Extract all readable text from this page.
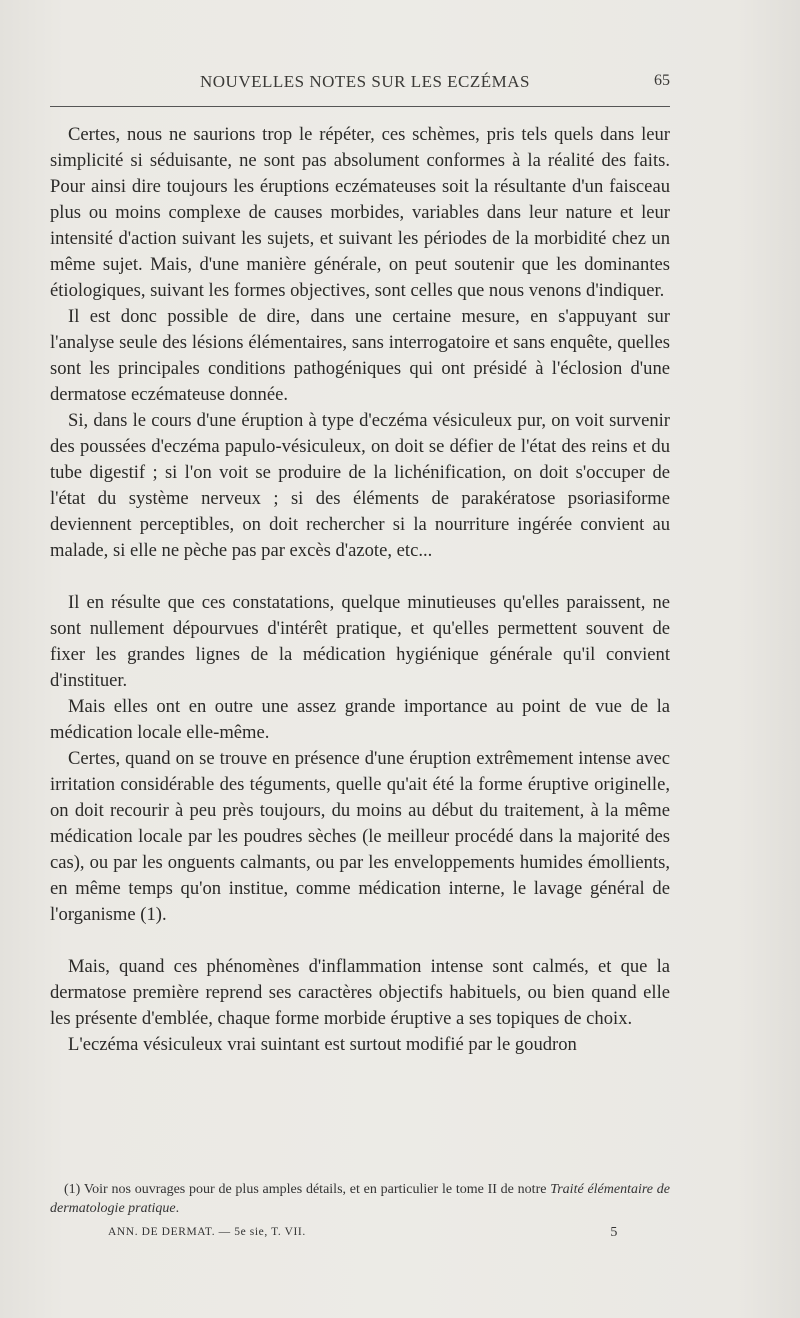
NOUVELLES NOTES SUR LES ECZÉMAS	65

Certes, nous ne saurions trop le répéter, ces schèmes, pris tels quels dans leur simplicité si séduisante, ne sont pas absolument conformes à la réalité des faits. Pour ainsi dire toujours les éruptions eczémateuses soit la résultante d'un faisceau plus ou moins complexe de causes morbides, variables dans leur nature et leur intensité d'action suivant les sujets, et suivant les périodes de la morbidité chez un même sujet. Mais, d'une manière générale, on peut soutenir que les dominantes étiologiques, suivant les formes objectives, sont celles que nous venons d'indiquer.

Il est donc possible de dire, dans une certaine mesure, en s'appuyant sur l'analyse seule des lésions élémentaires, sans interrogatoire et sans enquête, quelles sont les principales conditions pathogéniques qui ont présidé à l'éclosion d'une dermatose eczémateuse donnée.

Si, dans le cours d'une éruption à type d'eczéma vésiculeux pur, on voit survenir des poussées d'eczéma papulo-vésiculeux, on doit se défier de l'état des reins et du tube digestif ; si l'on voit se produire de la lichénification, on doit s'occuper de l'état du système nerveux ; si des éléments de parakératose psoriasiforme deviennent perceptibles, on doit rechercher si la nourriture ingérée convient au malade, si elle ne pèche pas par excès d'azote, etc...

Il en résulte que ces constatations, quelque minutieuses qu'elles paraissent, ne sont nullement dépourvues d'intérêt pratique, et qu'elles permettent souvent de fixer les grandes lignes de la médication hygiénique générale qu'il convient d'instituer.

Mais elles ont en outre une assez grande importance au point de vue de la médication locale elle-même.

Certes, quand on se trouve en présence d'une éruption extrêmement intense avec irritation considérable des téguments, quelle qu'ait été la forme éruptive originelle, on doit recourir à peu près toujours, du moins au début du traitement, à la même médication locale par les poudres sèches (le meilleur procédé dans la majorité des cas), ou par les onguents calmants, ou par les enveloppements humides émollients, en même temps qu'on institue, comme médication interne, le lavage général de l'organisme (1).

Mais, quand ces phénomènes d'inflammation intense sont calmés, et que la dermatose première reprend ses caractères objectifs habituels, ou bien quand elle les présente d'emblée, chaque forme morbide éruptive a ses topiques de choix.

L'eczéma vésiculeux vrai suintant est surtout modifié par le goudron

(1) Voir nos ouvrages pour de plus amples détails, et en particulier le tome II de notre Traité élémentaire de dermatologie pratique.
ANN. DE DERMAT. — 5e sie, T. VII.	5
